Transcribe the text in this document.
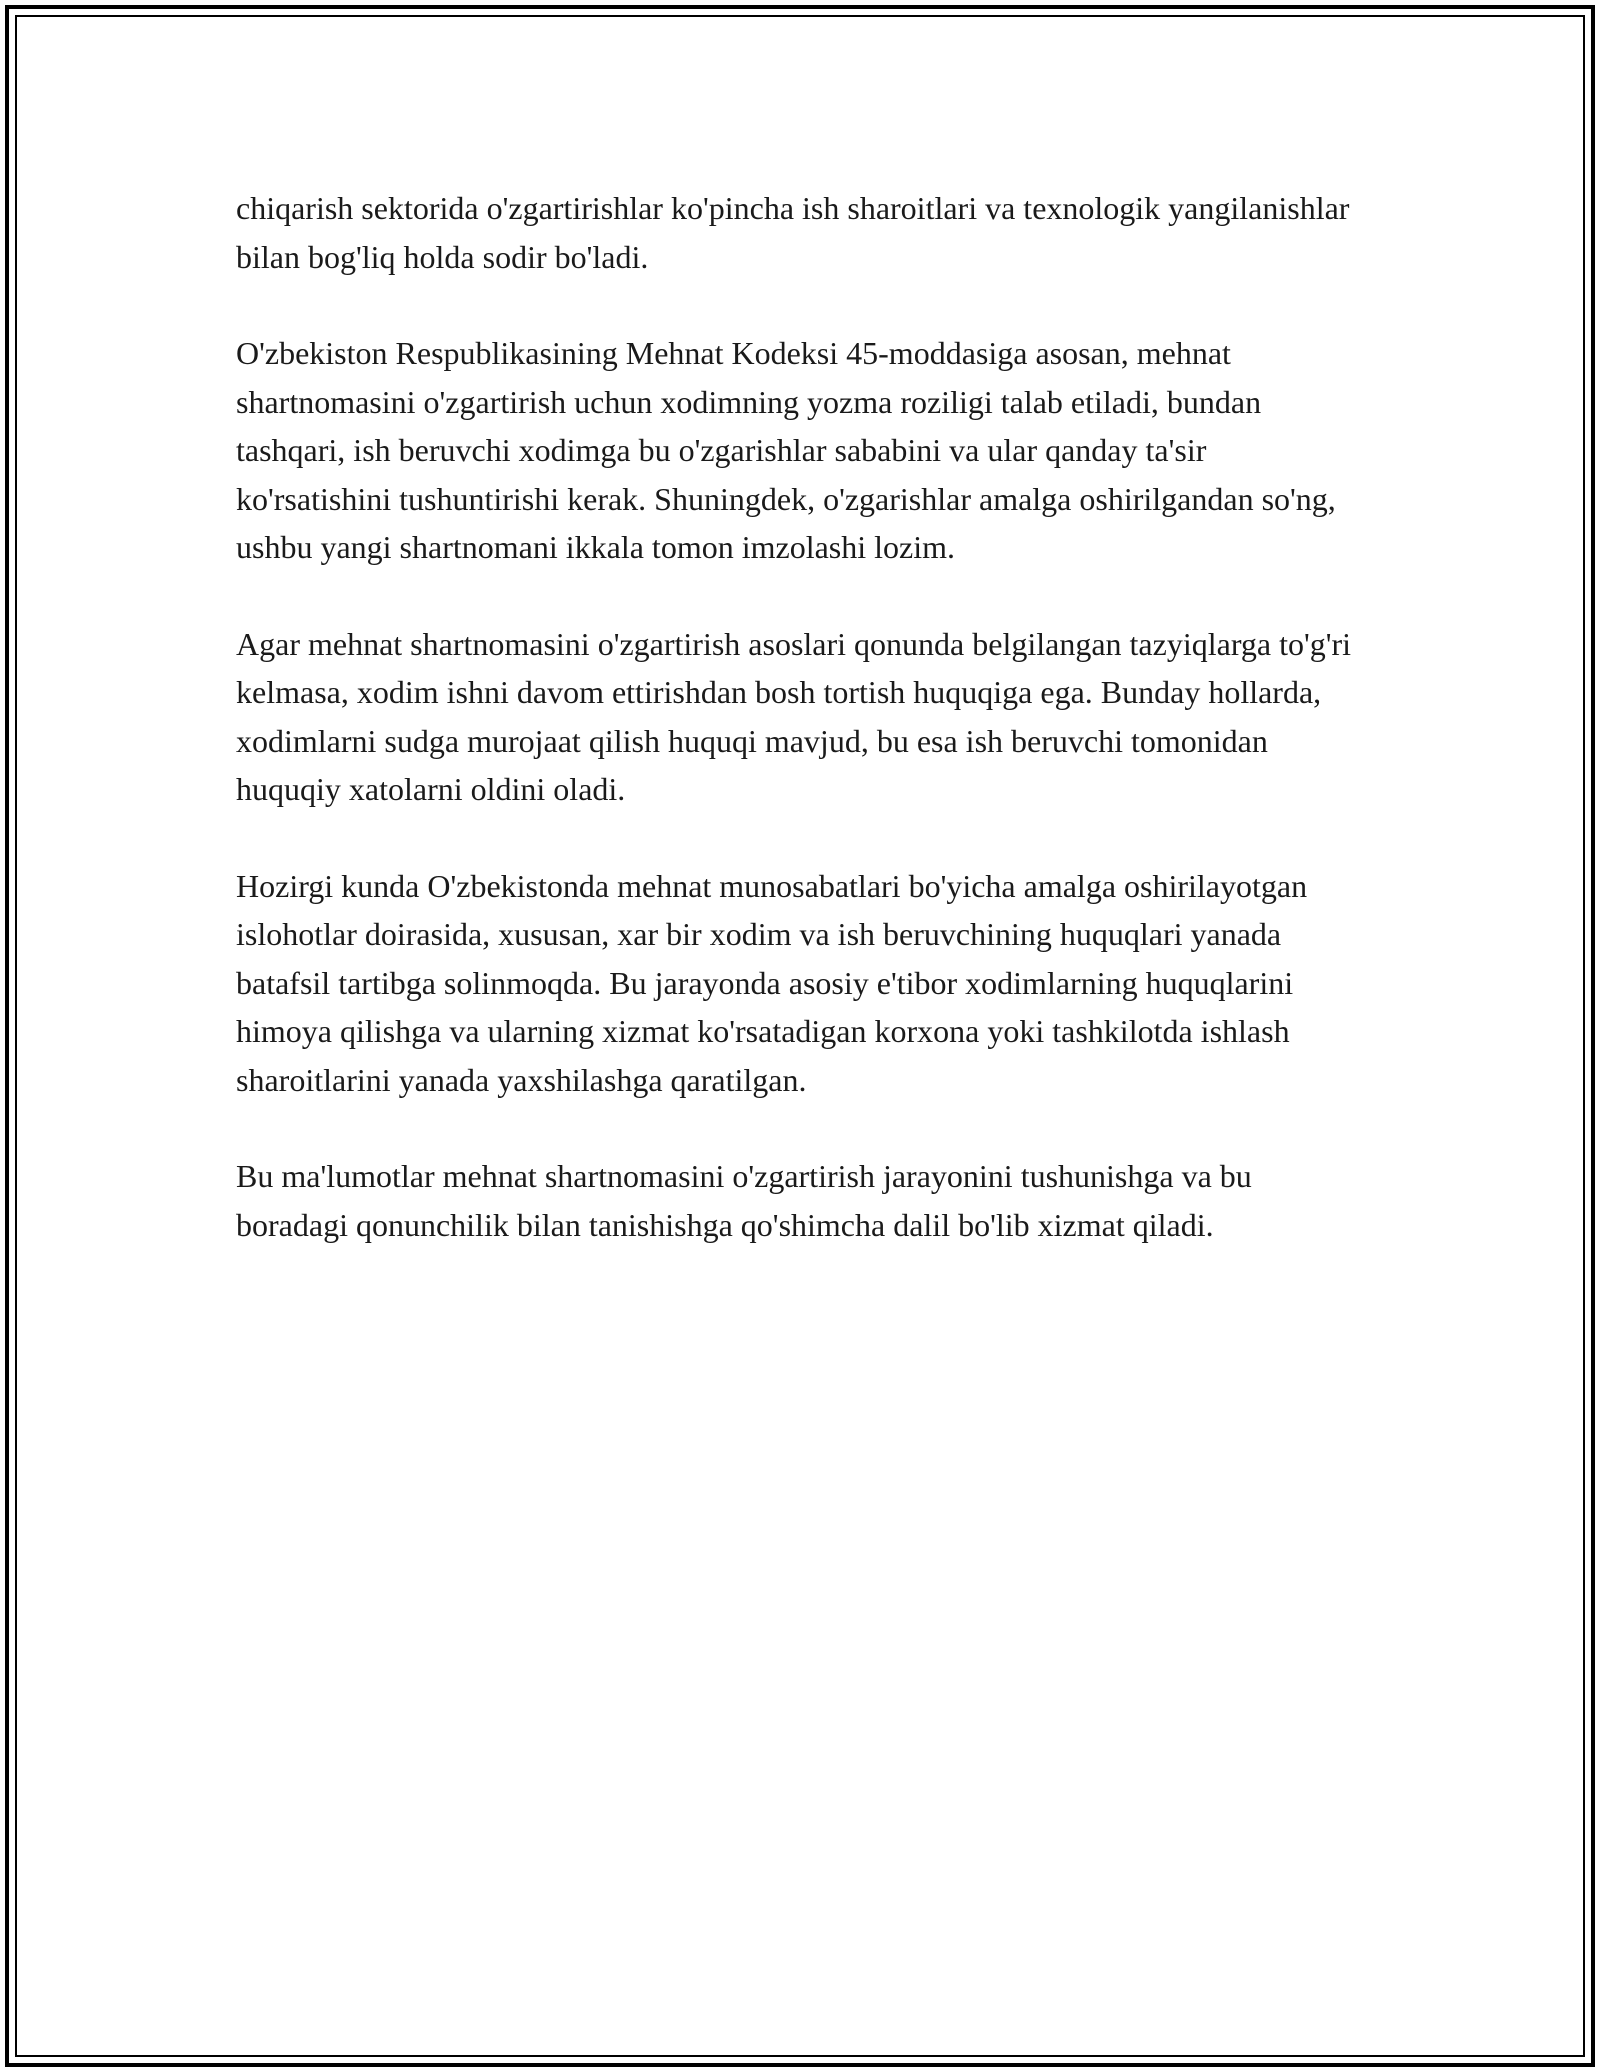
chiqarish sektorida o'zgartirishlar ko'pincha ish sharoitlari va texnologik yangilanishlar bilan bog'liq holda sodir bo'ladi.

O'zbekiston Respublikasining Mehnat Kodeksi 45-moddasiga asosan, mehnat shartnomasini o'zgartirish uchun xodimning yozma roziligi talab etiladi, bundan tashqari, ish beruvchi xodimga bu o'zgarishlar sababini va ular qanday ta'sir ko'rsatishini tushuntirishi kerak. Shuningdek, o'zgarishlar amalga oshirilgandan so'ng, ushbu yangi shartnomani ikkala tomon imzolashi lozim.

Agar mehnat shartnomasini o'zgartirish asoslari qonunda belgilangan tazyiqlarga to'g'ri kelmasa, xodim ishni davom ettirishdan bosh tortish huquqiga ega. Bunday hollarda, xodimlarni sudga murojaat qilish huquqi mavjud, bu esa ish beruvchi tomonidan huquqiy xatolarni oldini oladi.

Hozirgi kunda O'zbekistonda mehnat munosabatlari bo'yicha amalga oshirilayotgan islohotlar doirasida, xususan, xar bir xodim va ish beruvchining huquqlari yanada batafsil tartibga solinmoqda. Bu jarayonda asosiy e'tibor xodimlarning huquqlarini himoya qilishga va ularning xizmat ko'rsatadigan korxona yoki tashkilotda ishlash sharoitlarini yanada yaxshilashga qaratilgan.

Bu ma'lumotlar mehnat shartnomasini o'zgartirish jarayonini tushunishga va bu boradagi qonunchilik bilan tanishishga qo'shimcha dalil bo'lib xizmat qiladi.
